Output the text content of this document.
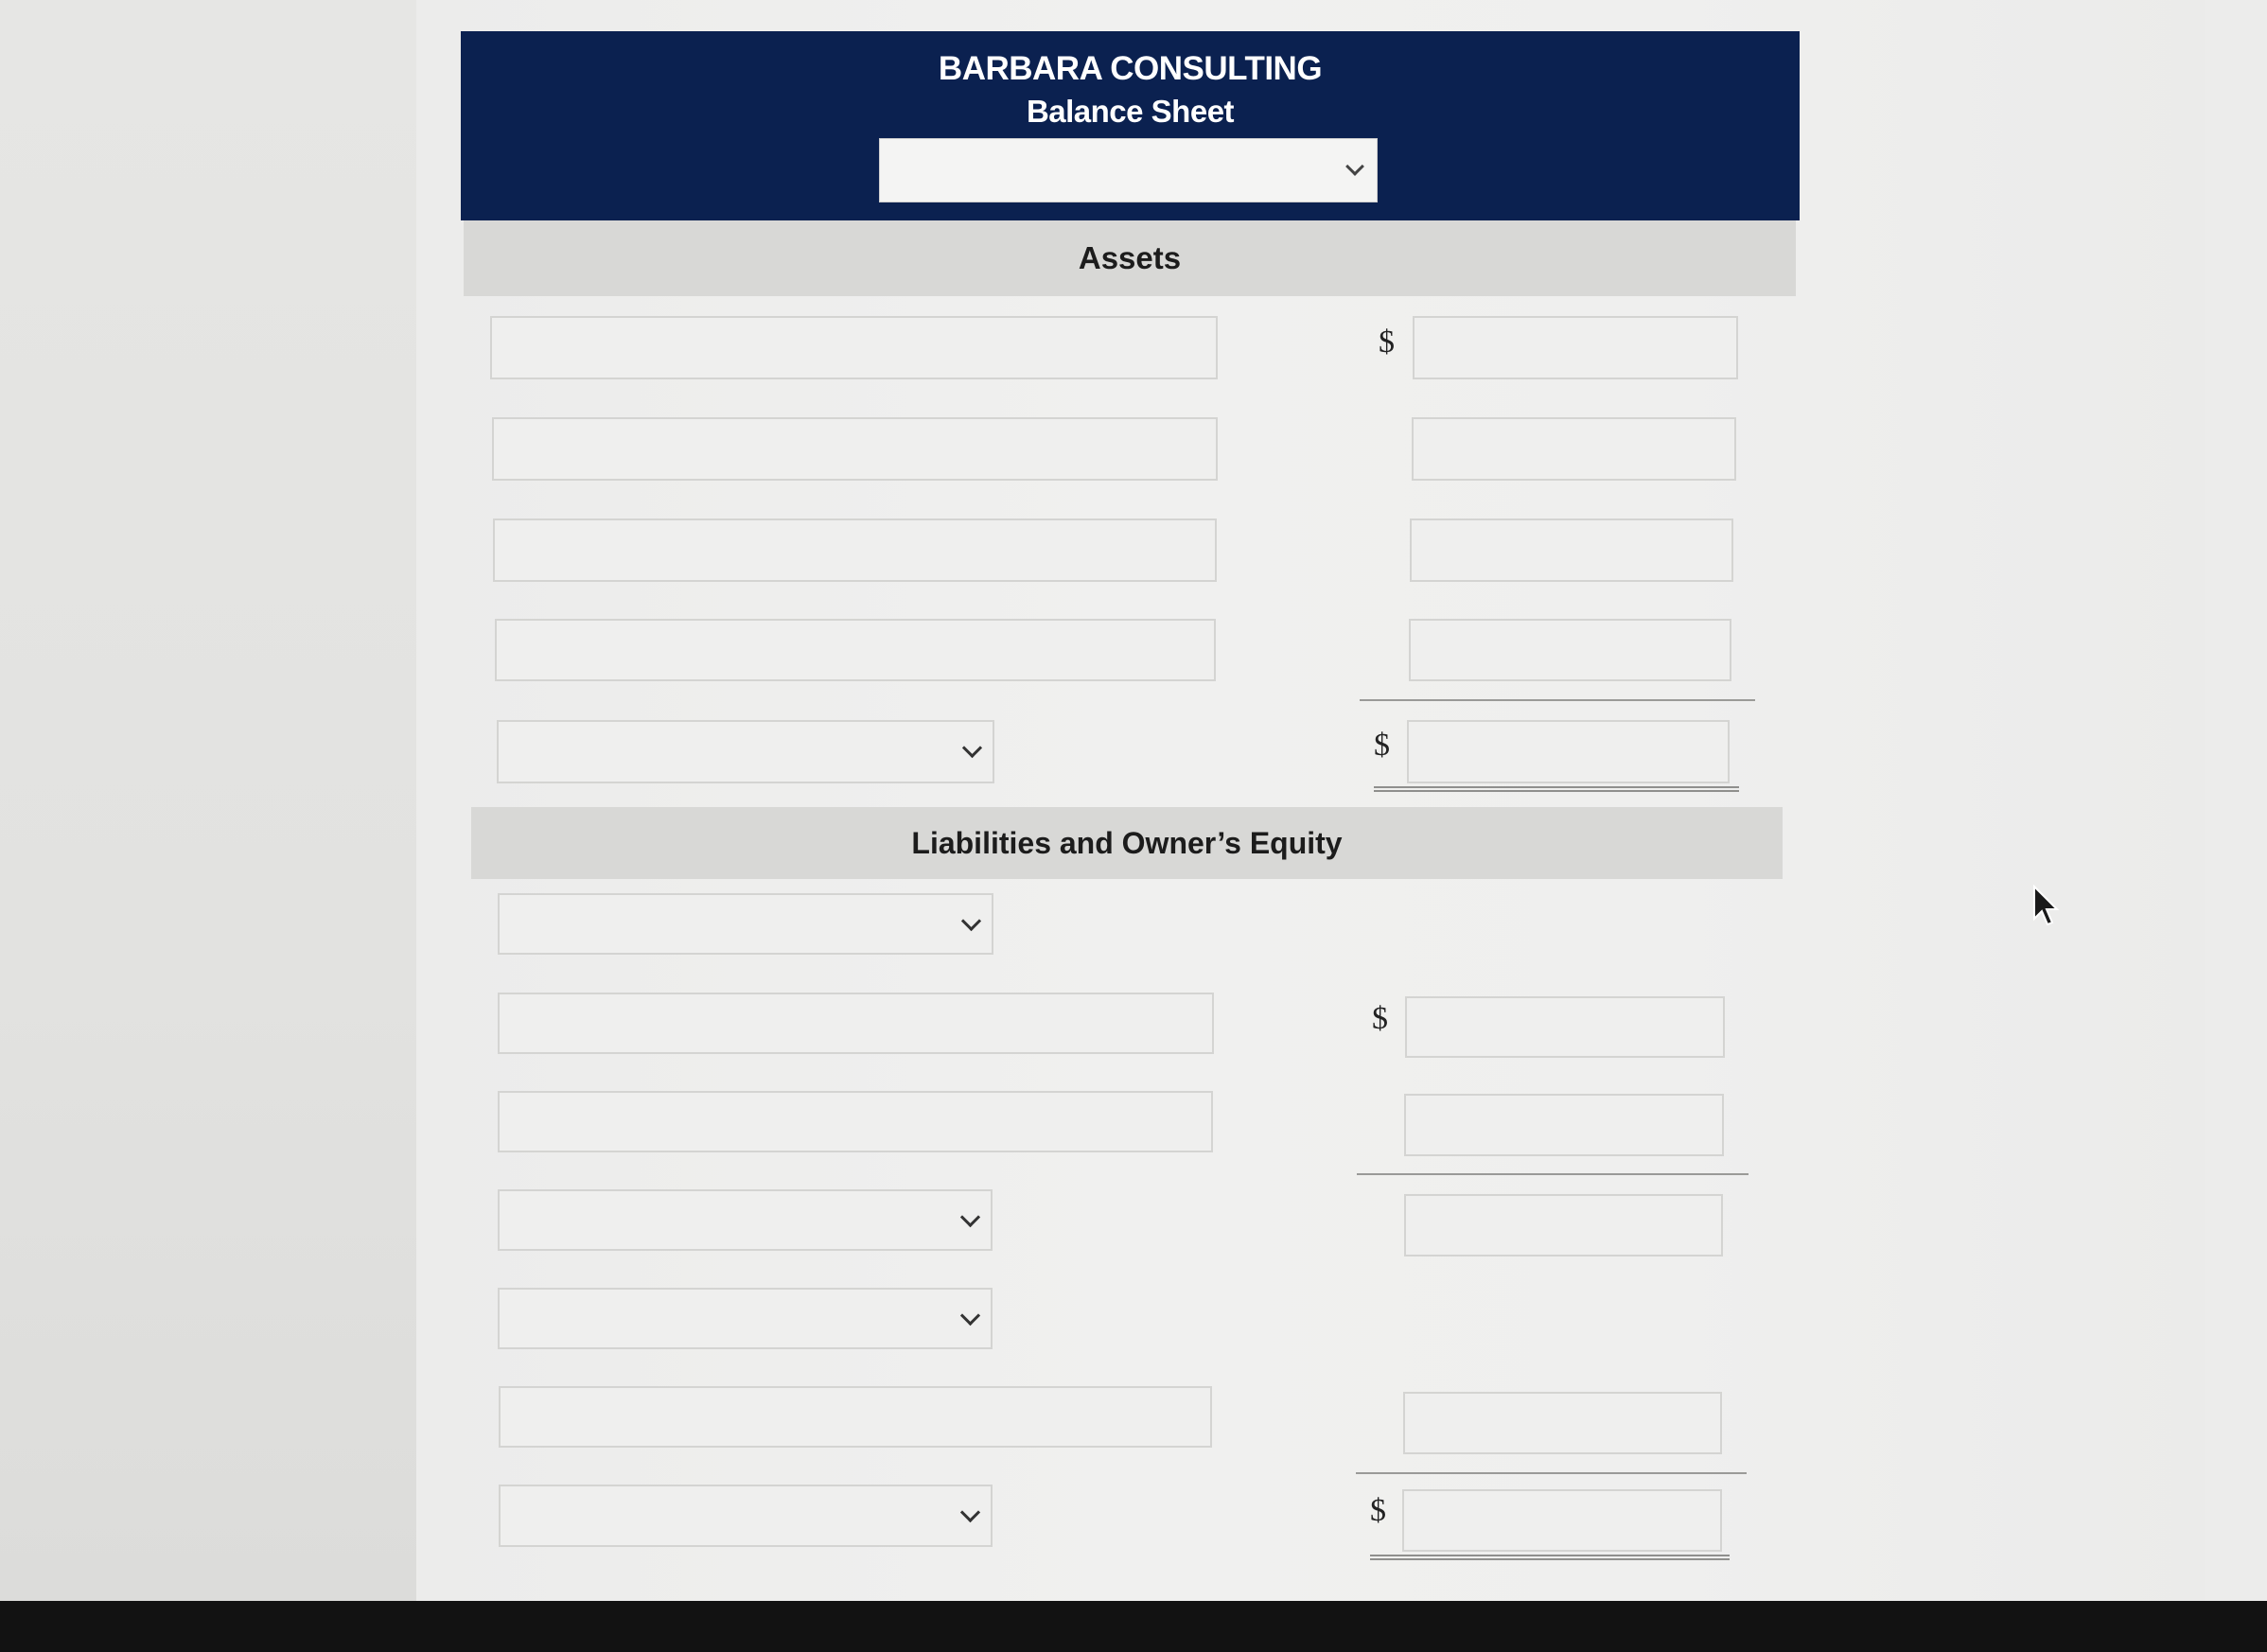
BARBARA CONSULTING
Balance Sheet
Assets
$
$
Liabilities and Owner’s Equity
$
$
